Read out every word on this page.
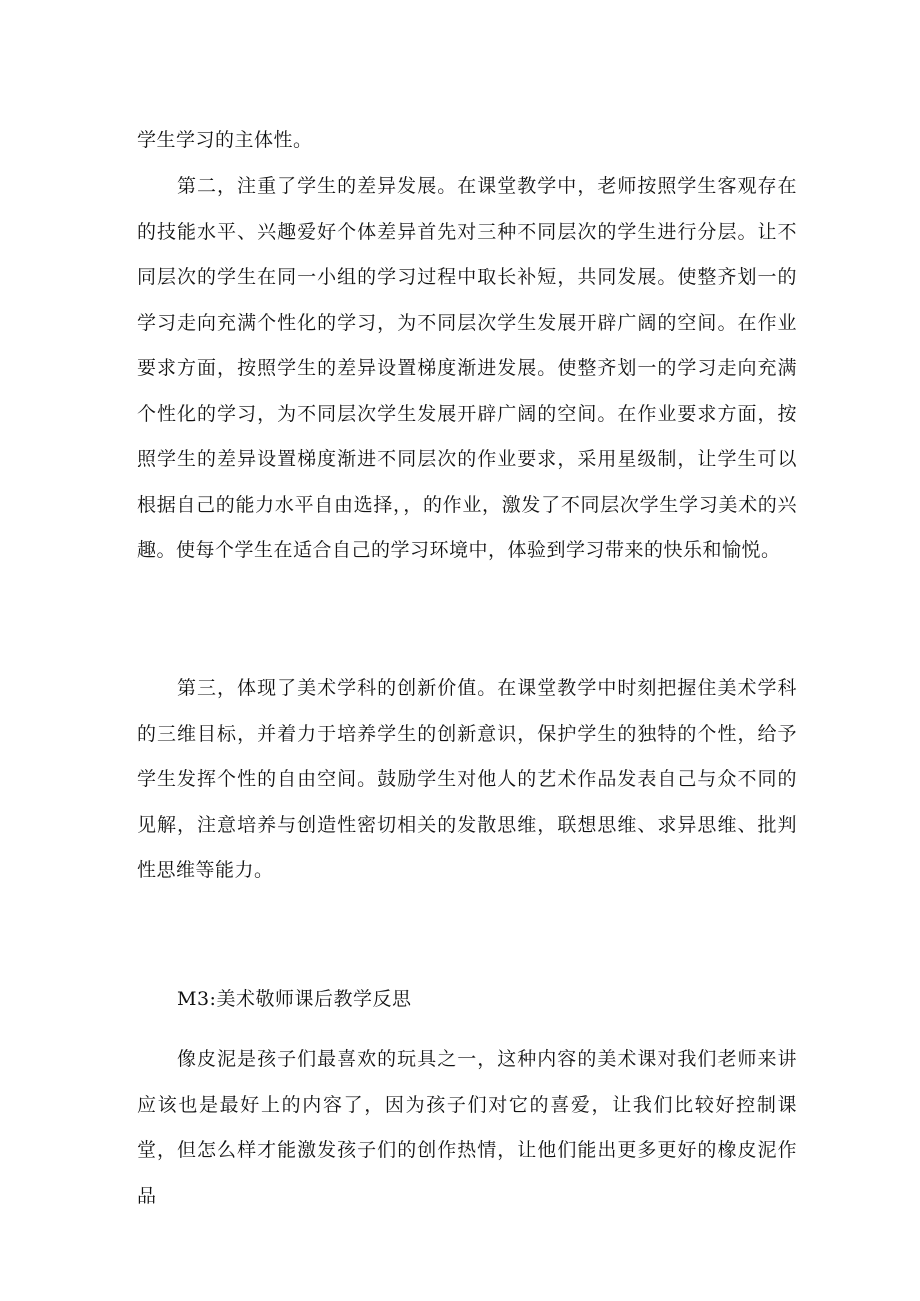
学生学习的主体性。

第二，注重了学生的差异发展。在课堂教学中，老师按照学生客观存在的技能水平、兴趣爱好个体差异首先对三种不同层次的学生进行分层。让不同层次的学生在同一小组的学习过程中取长补短，共同发展。使整齐划一的学习走向充满个性化的学习，为不同层次学生发展开辟广阔的空间。在作业要求方面，按照学生的差异设置梯度渐进发展。使整齐划一的学习走向充满个性化的学习，为不同层次学生发展开辟广阔的空间。在作业要求方面，按照学生的差异设置梯度渐进不同层次的作业要求，采用星级制，让学生可以根据自己的能力水平自由选择，，的作业，激发了不同层次学生学习美术的兴趣。使每个学生在适合自己的学习环境中，体验到学习带来的快乐和愉悦。

第三，体现了美术学科的创新价值。在课堂教学中时刻把握住美术学科的三维目标，并着力于培养学生的创新意识，保护学生的独特的个性，给予学生发挥个性的自由空间。鼓励学生对他人的艺术作品发表自己与众不同的见解，注意培养与创造性密切相关的发散思维，联想思维、求异思维、批判性思维等能力。

M3:美术敬师课后教学反思

像皮泥是孩子们最喜欢的玩具之一，这种内容的美术课对我们老师来讲应该也是最好上的内容了，因为孩子们对它的喜爱，让我们比较好控制课堂，但怎么样才能激发孩子们的创作热情，让他们能出更多更好的橡皮泥作品
